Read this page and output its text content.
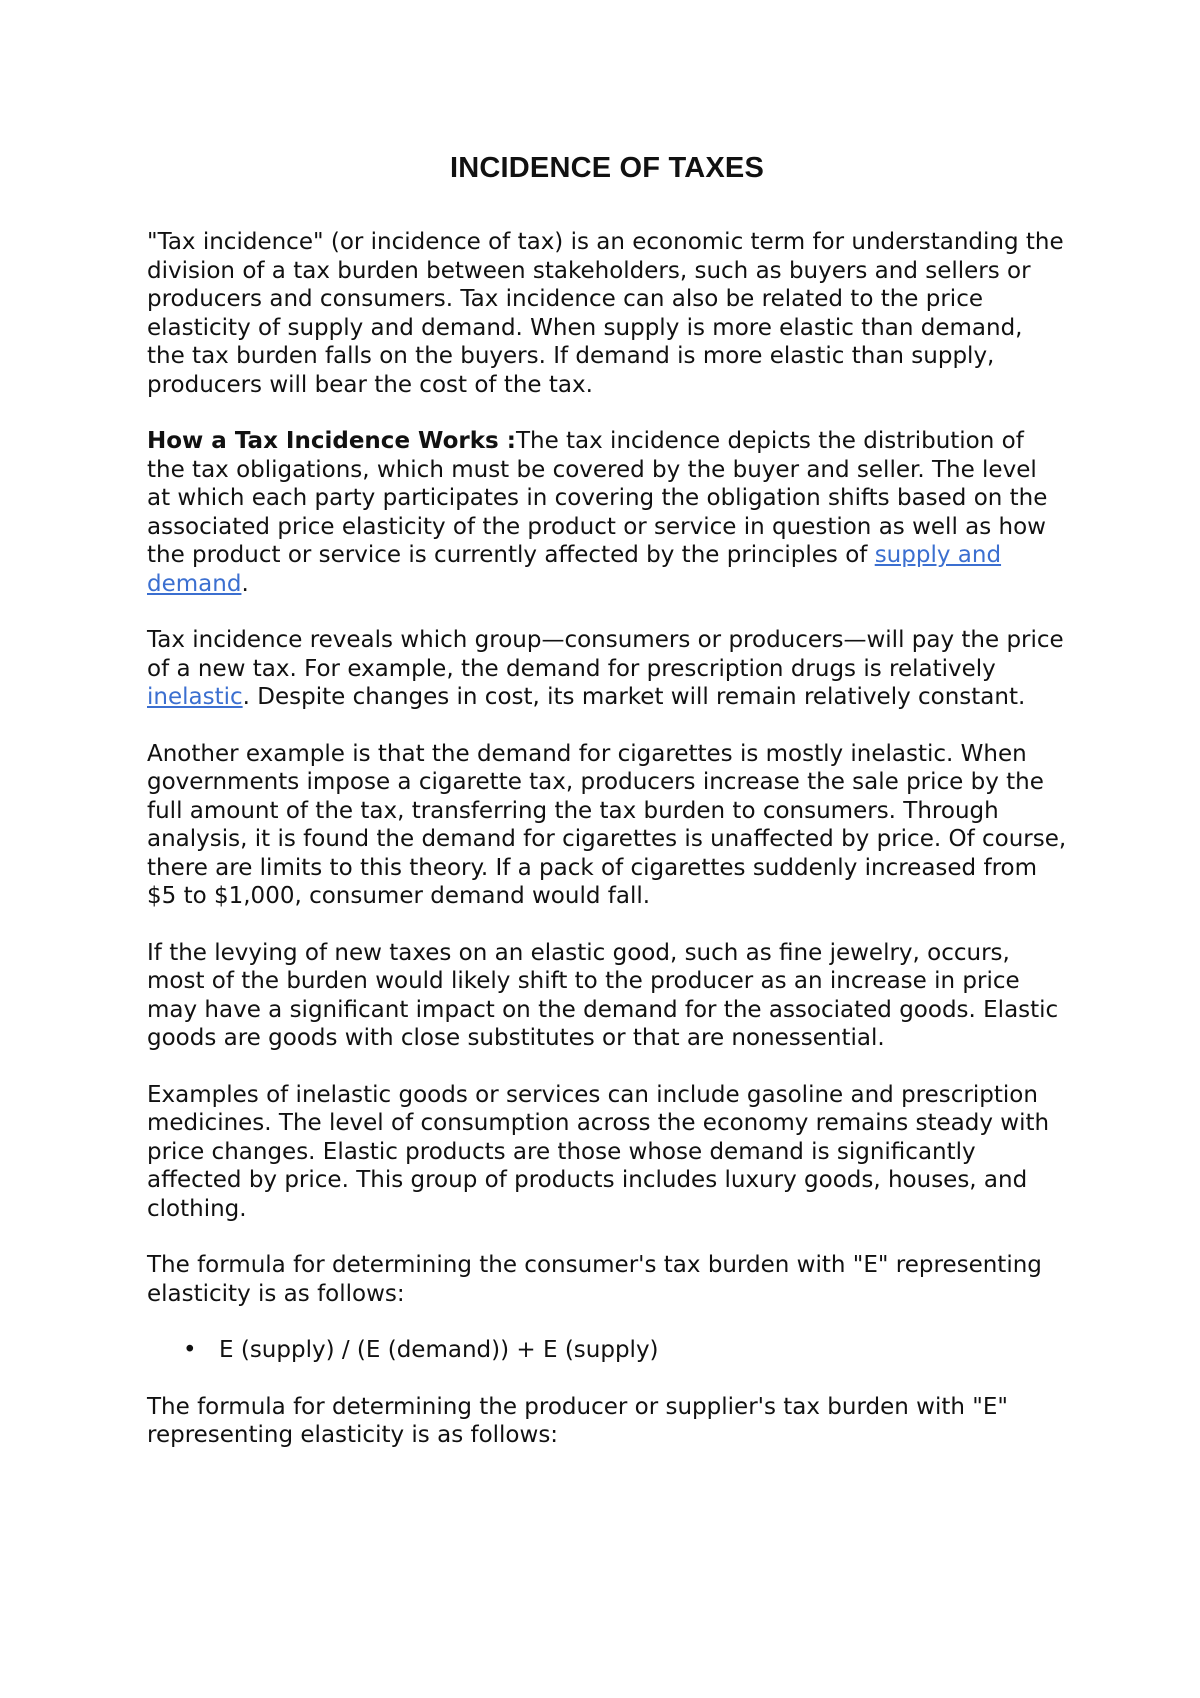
INCIDENCE OF TAXES

"Tax incidence" (or incidence of tax) is an economic term for understanding the division of a tax burden between stakeholders, such as buyers and sellers or producers and consumers. Tax incidence can also be related to the price elasticity of supply and demand. When supply is more elastic than demand, the tax burden falls on the buyers. If demand is more elastic than supply, producers will bear the cost of the tax.

How a Tax Incidence Works :The tax incidence depicts the distribution of the tax obligations, which must be covered by the buyer and seller. The level at which each party participates in covering the obligation shifts based on the associated price elasticity of the product or service in question as well as how the product or service is currently affected by the principles of supply and demand.

Tax incidence reveals which group—consumers or producers—will pay the price of a new tax. For example, the demand for prescription drugs is relatively inelastic. Despite changes in cost, its market will remain relatively constant.

Another example is that the demand for cigarettes is mostly inelastic. When governments impose a cigarette tax, producers increase the sale price by the full amount of the tax, transferring the tax burden to consumers. Through analysis, it is found the demand for cigarettes is unaffected by price. Of course, there are limits to this theory. If a pack of cigarettes suddenly increased from $5 to $1,000, consumer demand would fall.

If the levying of new taxes on an elastic good, such as fine jewelry, occurs, most of the burden would likely shift to the producer as an increase in price may have a significant impact on the demand for the associated goods. Elastic goods are goods with close substitutes or that are nonessential.

Examples of inelastic goods or services can include gasoline and prescription medicines. The level of consumption across the economy remains steady with price changes. Elastic products are those whose demand is significantly affected by price. This group of products includes luxury goods, houses, and clothing.

The formula for determining the consumer's tax burden with "E" representing elasticity is as follows:

• E (supply) / (E (demand)) + E (supply)

The formula for determining the producer or supplier's tax burden with "E" representing elasticity is as follows:
